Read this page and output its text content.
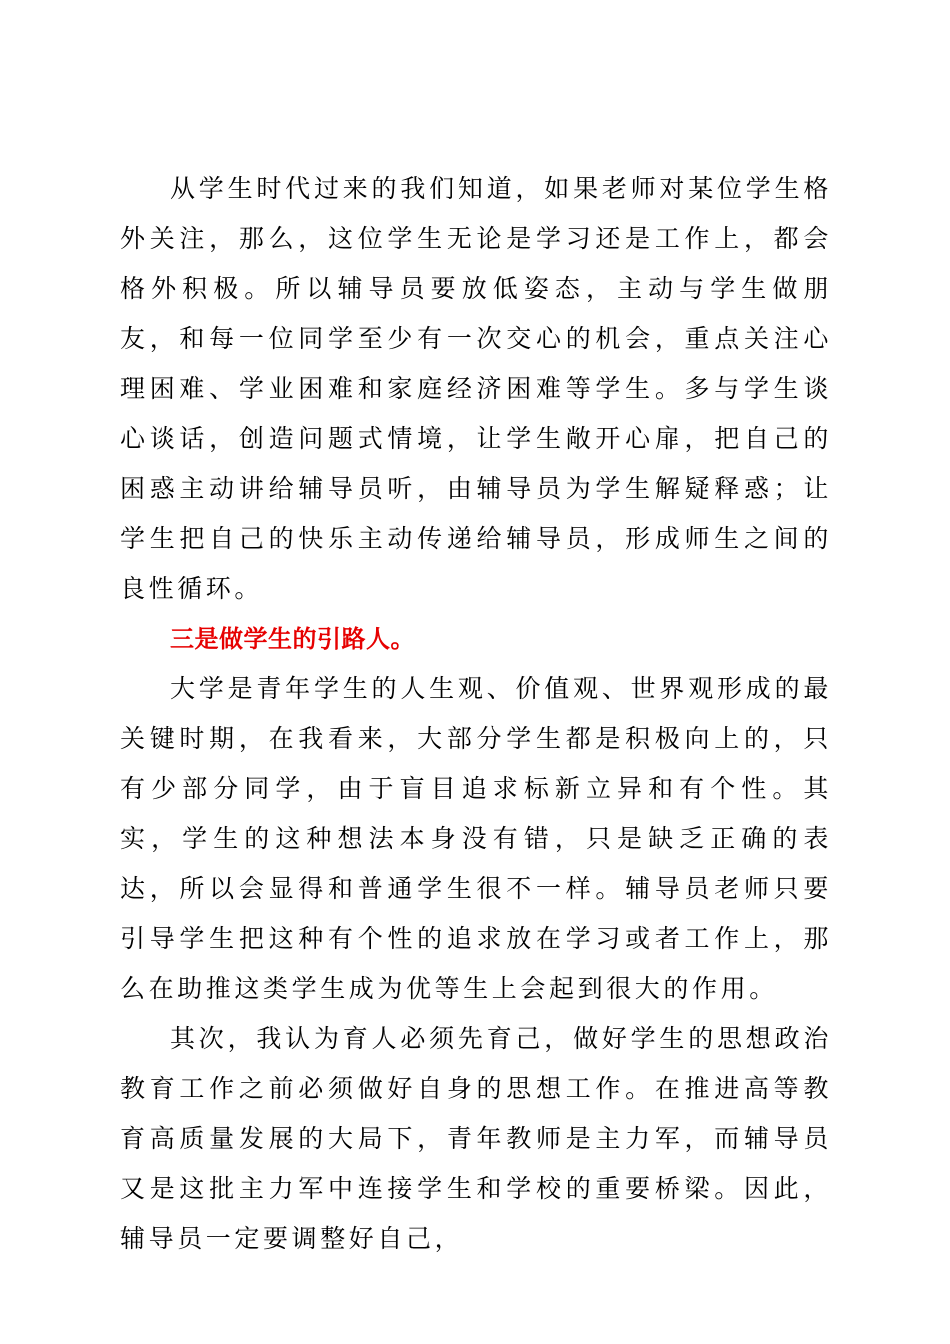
从学生时代过来的我们知道，如果老师对某位学生格外关注，那么，这位学生无论是学习还是工作上，都会格外积极。所以辅导员要放低姿态，主动与学生做朋友，和每一位同学至少有一次交心的机会，重点关注心理困难、学业困难和家庭经济困难等学生。多与学生谈心谈话，创造问题式情境，让学生敞开心扉，把自己的困惑主动讲给辅导员听，由辅导员为学生解疑释惑；让学生把自己的快乐主动传递给辅导员，形成师生之间的良性循环。

三是做学生的引路人。

大学是青年学生的人生观、价值观、世界观形成的最关键时期，在我看来，大部分学生都是积极向上的，只有少部分同学，由于盲目追求标新立异和有个性。其实，学生的这种想法本身没有错，只是缺乏正确的表达，所以会显得和普通学生很不一样。辅导员老师只要引导学生把这种有个性的追求放在学习或者工作上，那么在助推这类学生成为优等生上会起到很大的作用。

其次，我认为育人必须先育己，做好学生的思想政治教育工作之前必须做好自身的思想工作。在推进高等教育高质量发展的大局下，青年教师是主力军，而辅导员又是这批主力军中连接学生和学校的重要桥梁。因此，辅导员一定要调整好自己，
